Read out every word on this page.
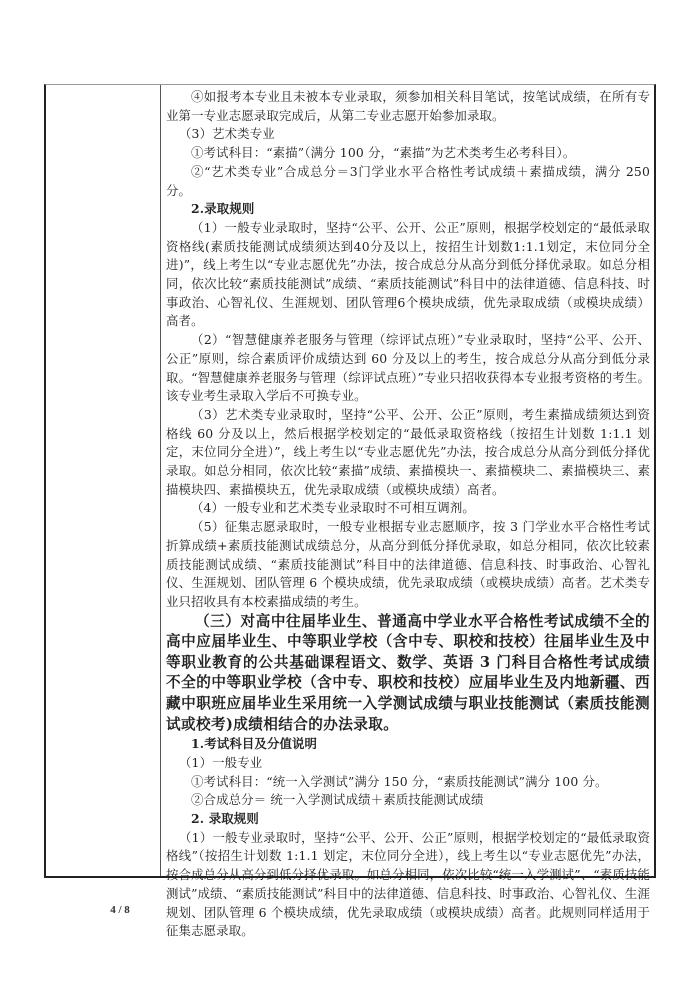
④如报考本专业且未被本专业录取，须参加相关科目笔试，按笔试成绩，在所有专业第一专业志愿录取完成后，从第二专业志愿开始参加录取。

（3）艺术类专业

①考试科目：“素描”（满分 100 分，“素描”为艺术类考生必考科目）。

②“艺术类专业”合成总分＝3门学业水平合格性考试成绩＋素描成绩，满分 250 分。

2.录取规则

（1）一般专业录取时，坚持“公平、公开、公正”原则，根据学校划定的“最低录取资格线(素质技能测试成绩须达到40分及以上，按招生计划数1:1.1划定，末位同分全进)”，线上考生以“专业志愿优先”办法，按合成总分从高分到低分择优录取。如总分相同，依次比较“素质技能测试”成绩、“素质技能测试”科目中的法律道德、信息科技、时事政治、心智礼仪、生涯规划、团队管理6个模块成绩，优先录取成绩（或模块成绩）高者。

（2）“智慧健康养老服务与管理（综评试点班）”专业录取时，坚持“公平、公开、公正”原则，综合素质评价成绩达到 60 分及以上的考生，按合成总分从高分到低分录取。“智慧健康养老服务与管理（综评试点班）”专业只招收获得本专业报考资格的考生。该专业考生录取入学后不可换专业。

（3）艺术类专业录取时，坚持“公平、公开、公正”原则，考生素描成绩须达到资格线 60 分及以上，然后根据学校划定的“最低录取资格线（按招生计划数 1:1.1 划定，末位同分全进）”，线上考生以“专业志愿优先”办法，按合成总分从高分到低分择优录取。如总分相同，依次比较“素描”成绩、素描模块一、素描模块二、素描模块三、素描模块四、素描模块五，优先录取成绩（或模块成绩）高者。

（4）一般专业和艺术类专业录取时不可相互调剂。

（5）征集志愿录取时，一般专业根据专业志愿顺序，按 3 门学业水平合格性考试折算成绩+素质技能测试成绩总分，从高分到低分择优录取，如总分相同，依次比较素质技能测试成绩、“素质技能测试”科目中的法律道德、信息科技、时事政治、心智礼仪、生涯规划、团队管理 6 个模块成绩，优先录取成绩（或模块成绩）高者。艺术类专业只招收具有本校素描成绩的考生。

（三）对高中往届毕业生、普通高中学业水平合格性考试成绩不全的高中应届毕业生、中等职业学校（含中专、职校和技校）往届毕业生及中等职业教育的公共基础课程语文、数学、英语 3 门科目合格性考试成绩不全的中等职业学校（含中专、职校和技校）应届毕业生及内地新疆、西藏中职班应届毕业生采用统一入学测试成绩与职业技能测试（素质技能测试或校考)成绩相结合的办法录取。

1.考试科目及分值说明

（1）一般专业

①考试科目：“统一入学测试”满分 150 分，“素质技能测试”满分 100 分。

②合成总分＝ 统一入学测试成绩＋素质技能测试成绩

2. 录取规则

（1）一般专业录取时，坚持“公平、公开、公正”原则，根据学校划定的“最低录取资格线”（按招生计划数 1:1.1 划定，末位同分全进），线上考生以“专业志愿优先”办法，按合成总分从高分到低分择优录取。如总分相同，依次比较“统一入学测试”、“素质技能测试”成绩、“素质技能测试”科目中的法律道德、信息科技、时事政治、心智礼仪、生涯规划、团队管理 6 个模块成绩，优先录取成绩（或模块成绩）高者。此规则同样适用于征集志愿录取。

4 / 8
